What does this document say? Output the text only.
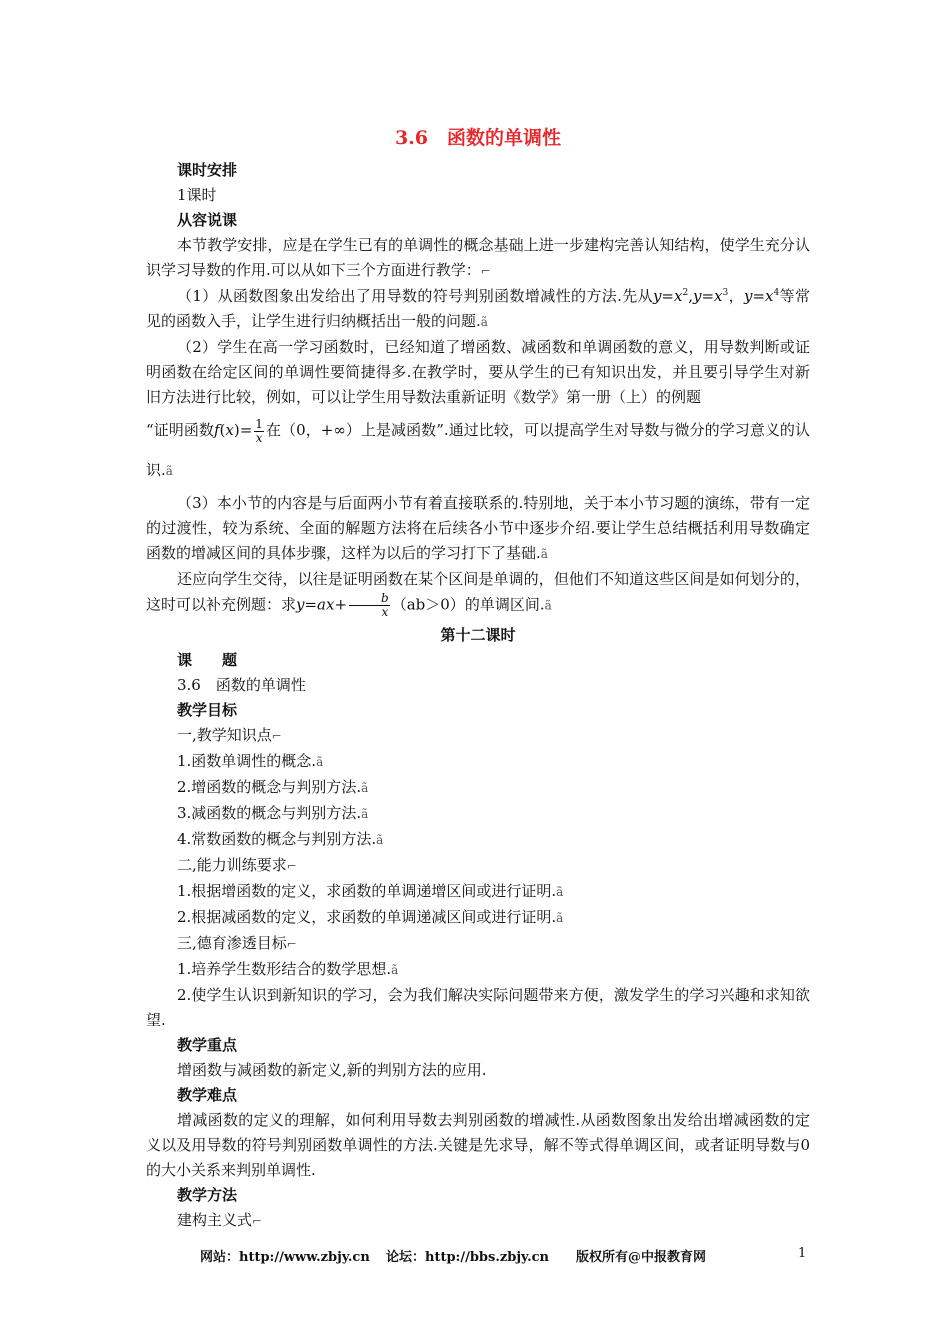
3.6　函数的单调性
课时安排
1课时
从容说课
本节教学安排，应是在学生已有的单调性的概念基础上进一步建构完善认知结构，使学生充分认识学习导数的作用.可以从如下三个方面进行教学：⌐
（1）从函数图象出发给出了用导数的符号判别函数增减性的方法.先从$y=x^2,y=x^3$，$y=x^4$等常见的函数入手，让学生进行归纳概括出一般的问题.ã
（2）学生在高一学习函数时，已经知道了增函数、减函数和单调函数的意义，用导数判断或证明函数在给定区间的单调性要简捷得多.在教学时，要从学生的已有知识出发，并且要引导学生对新旧方法进行比较，例如，可以让学生用导数法重新证明《数学》第一册（上）的例题
“证明函数$f(x)= \frac{1}{x}$ 在（0，+∞）上是减函数”.通过比较，可以提高学生对导数与微分的学习意义的认识.ã
（3）本小节的内容是与后面两小节有着直接联系的.特别地，关于本小节习题的演练，带有一定的过渡性，较为系统、全面的解题方法将在后续各小节中逐步介绍.要让学生总结概括利用导数确定函数的增减区间的具体步骤，这样为以后的学习打下了基础.ã
还应向学生交待，以往是证明函数在某个区间是单调的，但他们不知道这些区间是如何划分的，这时可以补充例题：求$y=ax+ \frac{b}{x} (ab>0)$的单调区间.ã
第十二课时
课　　题
3.6　函数的单调性
教学目标
一,教学知识点⌐
1.函数单调性的概念.ã
2.增函数的概念与判别方法.ã
3.减函数的概念与判别方法.ã
4.常数函数的概念与判别方法.ã
二,能力训练要求⌐
1.根据增函数的定义，求函数的单调递增区间或进行证明.ã
2.根据减函数的定义，求函数的单调递减区间或进行证明.ã
三,德育渗透目标⌐
1.培养学生数形结合的数学思想.ã
2.使学生认识到新知识的学习，会为我们解决实际问题带来方便，激发学生的学习兴趣和求知欲望.
教学重点
增函数与减函数的新定义,新的判别方法的应用.
教学难点
增减函数的定义的理解，如何利用导数去判别函数的增减性.从函数图象出发给出增减函数的定义以及用导数的符号判别函数单调性的方法.关键是先求导，解不等式得单调区间，或者证明导数与0的大小关系来判别单调性.
教学方法
建构主义式⌐
网站：http://www.zbjy.cn 论坛：http://bbs.zbjy.cn 版权所有@中报教育网	1
